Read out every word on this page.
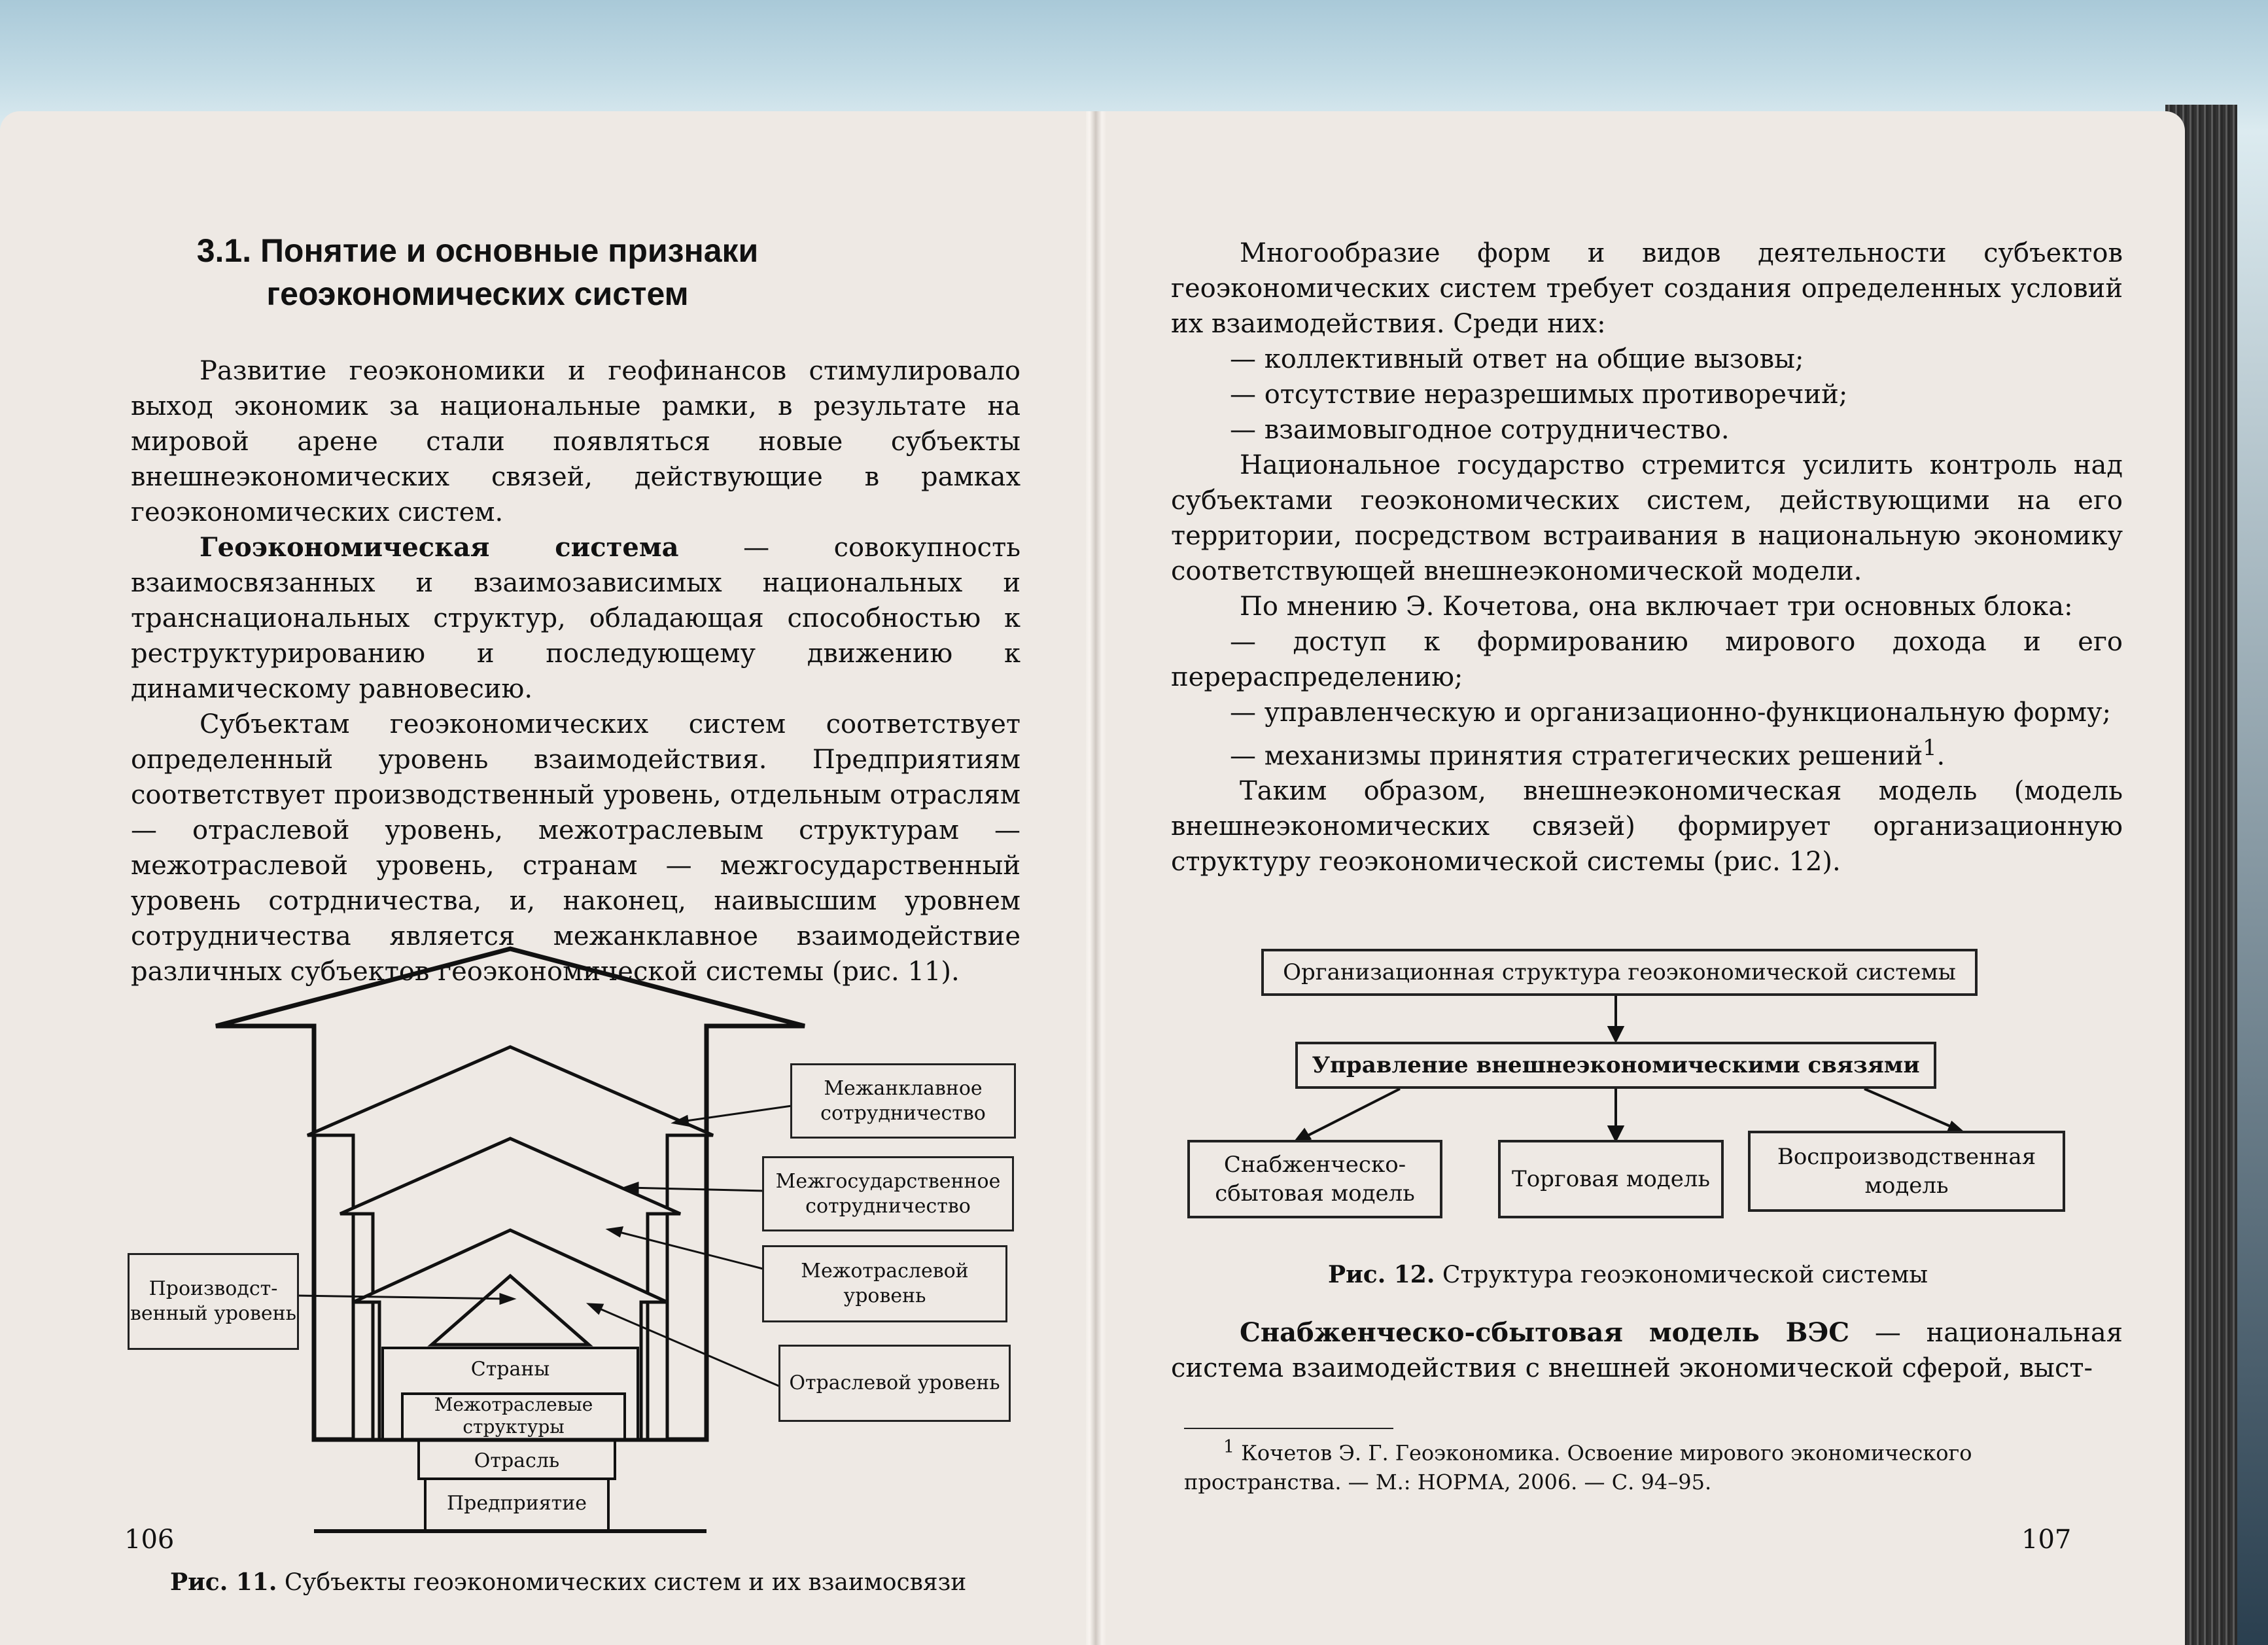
3.1. Понятие и основные признаки
геоэкономических систем

Развитие геоэкономики и геофинансов стимулировало выход экономик за национальные рамки, в результате на мировой арене стали появляться новые субъекты внешнеэкономических связей, действующие в рамках геоэкономических систем.

Геоэкономическая система — совокупность взаимосвязанных и взаимозависимых национальных и транснациональных структур, обладающая способностью к реструктурированию и последующему движению к динамическому равновесию.

Субъектам геоэкономических систем соответствует определенный уровень взаимодействия. Предприятиям соответствует производственный уровень, отдельным отраслям — отраслевой уровень, межотраслевым структурам — межотраслевой уровень, странам — межгосударственный уровень сотрдничества, и, наконец, наивысшим уровнем сотрудничества является межанклавное взаимодействие различных субъектов геоэкономической системы (рис. 11).

Страны
Межотраслевые структуры
Отрасль
Предприятие
Межанклавное сотрудничество
Межгосударственное сотрудничество
Межотраслевой уровень
Отраслевой уровень
Производст-венный уровень

Рис. 11. Субъекты геоэкономических систем и их взаимосвязи

106

Многообразие форм и видов деятельности субъектов геоэкономических систем требует создания определенных условий их взаимодействия. Среди них:

— коллективный ответ на общие вызовы;

— отсутствие неразрешимых противоречий;

— взаимовыгодное сотрудничество.

Национальное государство стремится усилить контроль над субъектами геоэкономических систем, действующими на его территории, посредством встраивания в национальную экономику соответствующей внешнеэкономической модели.

По мнению Э. Кочетова, она включает три основных блока:

— доступ к формированию мирового дохода и его перераспределению;

— управленческую и организационно-функциональную форму;

— механизмы принятия стратегических решений$^1$.

Таким образом, внешнеэкономическая модель (модель внешнеэкономических связей) формирует организационную структуру геоэкономической системы (рис. 12).

Организационная структура геоэкономической системы
Управление внешнеэкономическими связями
Снабженческо-сбытовая модель
Торговая модель
Воспроизводственная модель

Рис. 12. Структура геоэкономической системы

Снабженческо-сбытовая модель ВЭС — национальная система взаимодействия с внешней экономической сферой, выст-

$^1$ Кочетов Э. Г. Геоэкономика. Освоение мирового экономического пространства. — М.: НОРМА, 2006. — С. 94–95.

107
